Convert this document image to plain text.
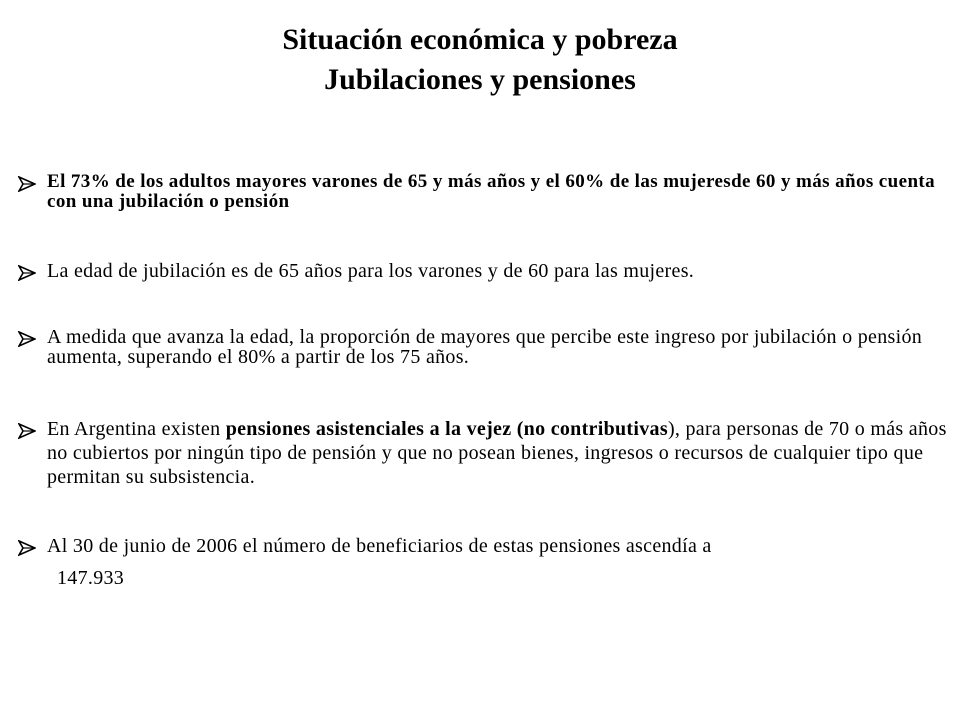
Situación económica y pobreza
Jubilaciones y pensiones
El 73% de los adultos mayores varones de 65 y más años y el 60% de las mujeresde 60 y más años cuenta con una jubilación o pensión
La edad de jubilación es de 65 años para los varones y de 60 para las mujeres.
A medida que avanza la edad, la proporción de mayores que percibe este ingreso por jubilación o pensión aumenta, superando el 80% a partir de los 75 años.
En Argentina existen pensiones asistenciales a la vejez (no contributivas), para personas de 70 o más años no cubiertos por ningún tipo de pensión y que no posean bienes, ingresos o recursos de cualquier tipo que permitan su subsistencia.
Al 30 de junio de 2006 el número de beneficiarios de estas pensiones ascendía a
147.933
